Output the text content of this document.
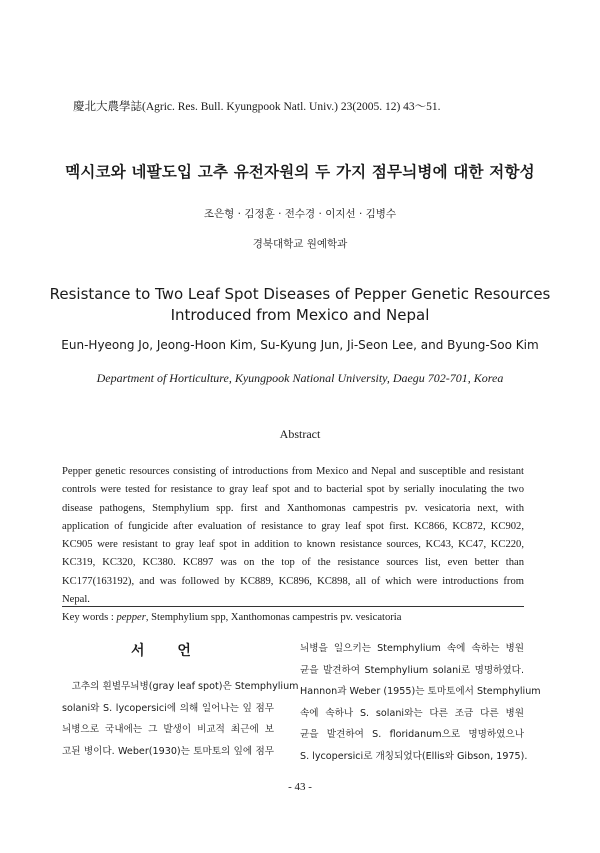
慶北大農學誌(Agric. Res. Bull. Kyungpook Natl. Univ.) 23(2005. 12) 43～51.
멕시코와 네팔도입 고추 유전자원의 두 가지 점무늬병에 대한 저항성
조은형 · 김정훈 · 전수경 · 이지선 · 김병수
경북대학교 원예학과
Resistance to Two Leaf Spot Diseases of Pepper Genetic Resources
Introduced from Mexico and Nepal
Eun-Hyeong Jo, Jeong-Hoon Kim, Su-Kyung Jun, Ji-Seon Lee, and Byung-Soo Kim
Department of Horticulture, Kyungpook National University, Daegu 702-701, Korea
Abstract
Pepper genetic resources consisting of introductions from Mexico and Nepal and susceptible and resistant
controls were tested for resistance to gray leaf spot and to bacterial spot by serially inoculating the two
disease pathogens, Stemphylium spp. first and Xanthomonas campestris pv. vesicatoria next, with
application of fungicide after evaluation of resistance to gray leaf spot first. KC866, KC872, KC902,
KC905 were resistant to gray leaf spot in addition to known resistance sources, KC43, KC47, KC220,
KC319, KC320, KC380. KC897 was on the top of the resistance sources list, even better than
KC177(163192), and was followed by KC889, KC896, KC898, all of which were introductions from
Nepal.
Key words : pepper, Stemphylium spp, Xanthomonas campestris pv. vesicatoria
서 언
　고추의 흰별무늬병(gray leaf spot)은 Stemphylium
solani와 S. lycopersici에 의해 일어나는 잎 점무
늬병으로 국내에는 그 발생이 비교적 최근에 보
고된 병이다. Weber(1930)는 토마토의 잎에 점무
늬병을 일으키는 Stemphylium 속에 속하는 병원
균을 발견하여 Stemphylium solani로 명명하였다.
Hannon과 Weber (1955)는 토마토에서 Stemphylium
속에 속하나 S. solani와는 다른 조금 다른 병원
균을 발견하여 S. floridanum으로 명명하였으나
S. lycopersici로 개칭되었다(Ellis와 Gibson, 1975).
- 43 -
